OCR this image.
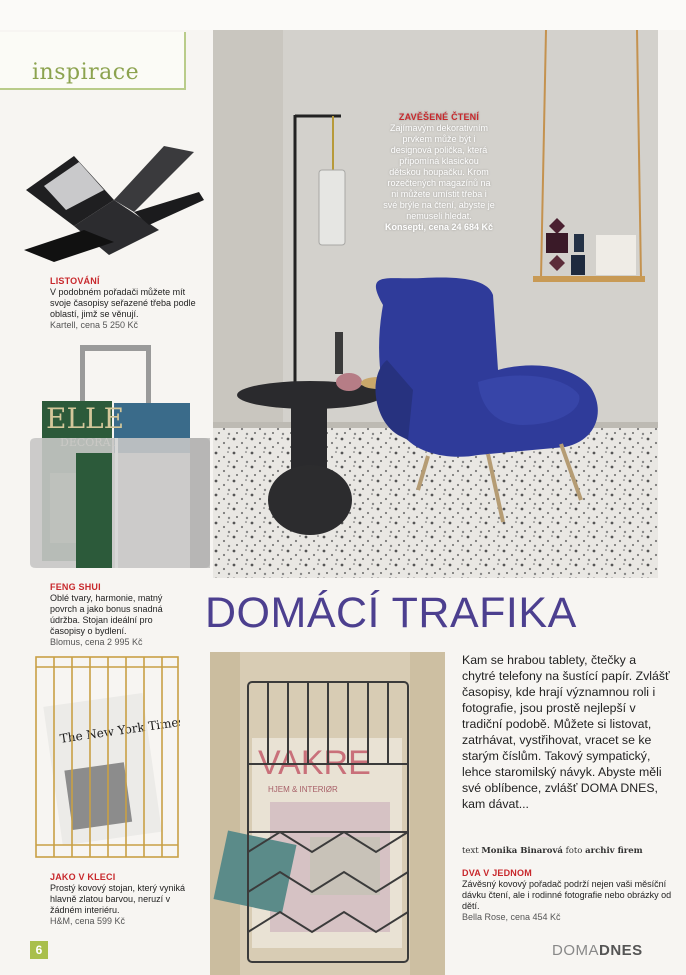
inspirace
ZAVĚŠENÉ ČTENÍ
Zajímavým dekorativním prvkem může být i designová polička, která připomíná klasickou dětskou houpačku. Krom rozečtených magazínů na ni můžete umístit třeba i své brýle na čtení, abyste je nemuseli hledat.
Konsepti, cena 24 684 Kč
LISTOVÁNÍ
V podobném pořadači můžete mít svoje časopisy seřazené třeba podle oblastí, jimž se věnují.
Kartell, cena 5 250 Kč
ELLE
FENG SHUI
Oblé tvary, harmonie, matný povrch a jako bonus snadná údržba. Stojan ideální pro časopisy o bydlení.
Blomus, cena 2 995 Kč
The New York Times
JAKO V KLECI
Prostý kovový stojan, který vyniká hlavně zlatou barvou, neruzí v žádném interiéru.
H&M, cena 599 Kč
DOMÁCÍ TRAFIKA
VAKRE
HJEM & INTERIØR
Kam se hrabou tablety, čtečky a chytré telefony na šustící papír. Zvlášť časopisy, kde hrají významnou roli i fotografie, jsou prostě nejlepší v tradiční podobě. Můžete si listovat, zatrhávat, vystřihovat, vracet se ke starým číslům. Takový sympatický, lehce staromilský návyk. Abyste měli své oblíbence, zvlášť DOMA DNES, kam dávat...
text Monika Binarová foto archiv firem
DVA V JEDNOM
Závěsný kovový pořadač podrží nejen vaši měsíční dávku čtení, ale i rodinné fotografie nebo obrázky od dětí.
Bella Rose, cena 454 Kč
6	DOMADNES
